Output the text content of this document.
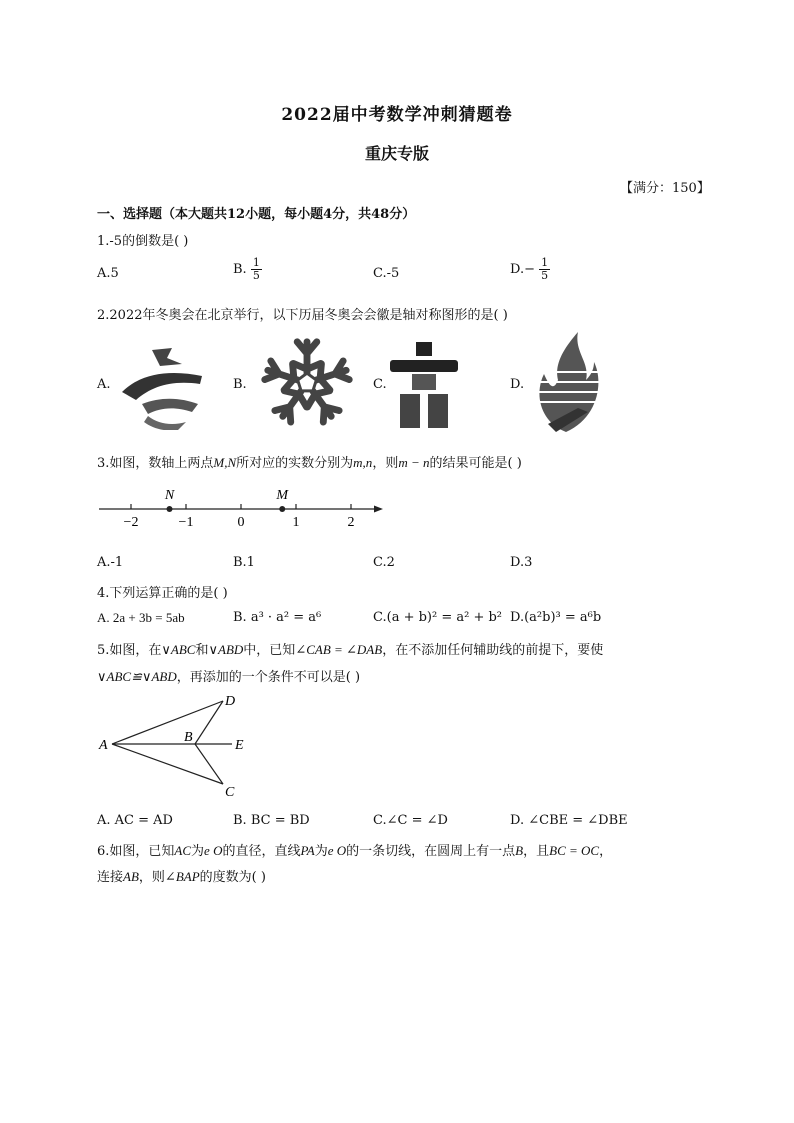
2022届中考数学冲刺猜题卷
重庆专版
【满分：150】
一、选择题（本大题共12小题，每小题4分，共48分）
1.-5的倒数是( )
A.5	B. $\frac{1}{5}$	C.-5	$D.- \frac{1}{5}$
2.2022年冬奥会在北京举行，以下历届冬奥会会徽是轴对称图形的是( )
A.	B.	C.	D.
3.如图，数轴上两点M,N所对应的实数分别为m,n，则m − n的结果可能是( )
−2	−1	0	1	2
N	M
A.-1	B.1	C.2	D.3
4.下列运算正确的是( )
A. 2a + 3b = 5ab	B. a³ · a² = a⁶	C.(a + b)² = a² + b² D.(a²b)³ = a⁶b
5.如图，在∨ABC和∨ABD中，已知∠CAB = ∠DAB，在不添加任何辅助线的前提下，要使
∨ABC≌∨ABD，再添加的一个条件不可以是( )
A
B
D
E
C
A. AC = AD	B. BC = BD	C.∠C = ∠D	D. ∠CBE = ∠DBE
6.如图，已知AC为e O的直径，直线PA为e O的一条切线，在圆周上有一点B，且BC = OC，
连接AB，则∠BAP的度数为( )
